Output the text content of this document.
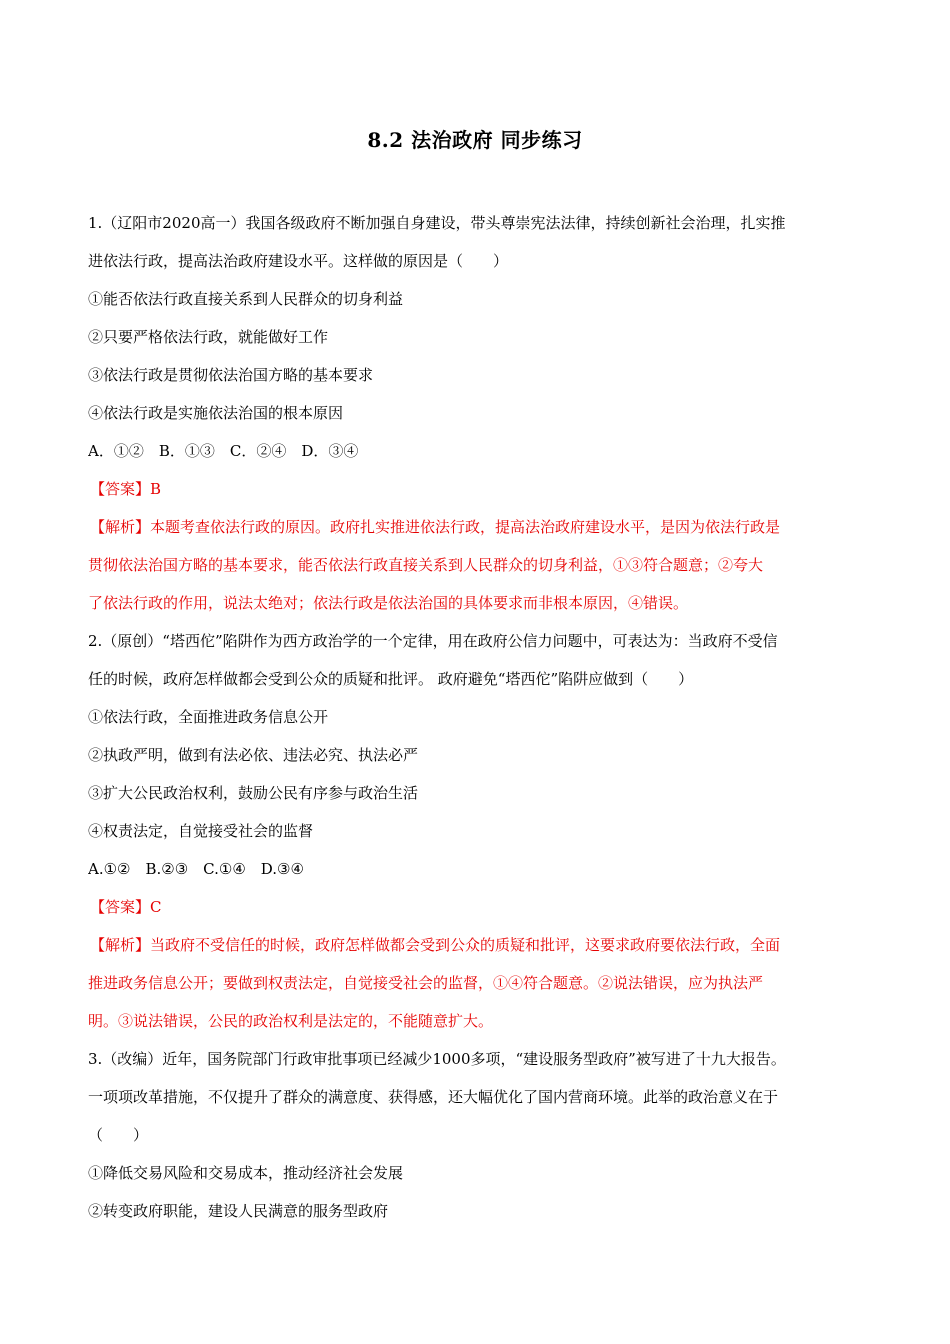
8.2 法治政府 同步练习
1.（辽阳市2020高一）我国各级政府不断加强自身建设，带头尊崇宪法法律，持续创新社会治理，扎实推
进依法行政，提高法治政府建设水平。这样做的原因是（　　）
①能否依法行政直接关系到人民群众的切身利益
②只要严格依法行政，就能做好工作
③依法行政是贯彻依法治国方略的基本要求
④依法行政是实施依法治国的根本原因
A．①②　B．①③　C．②④　D．③④
【答案】B
【解析】本题考查依法行政的原因。政府扎实推进依法行政，提高法治政府建设水平，是因为依法行政是
贯彻依法治国方略的基本要求，能否依法行政直接关系到人民群众的切身利益，①③符合题意；②夸大
了依法行政的作用，说法太绝对；依法行政是依法治国的具体要求而非根本原因，④错误。
2.（原创）“塔西佗”陷阱作为西方政治学的一个定律，用在政府公信力问题中，可表达为：当政府不受信
任的时候，政府怎样做都会受到公众的质疑和批评。 政府避免“塔西佗”陷阱应做到（　　）
①依法行政，全面推进政务信息公开
②执政严明，做到有法必依、违法必究、执法必严
③扩大公民政治权利，鼓励公民有序参与政治生活
④权责法定，自觉接受社会的监督
A.①②　B.②③　C.①④　D.③④
【答案】C
【解析】当政府不受信任的时候，政府怎样做都会受到公众的质疑和批评，这要求政府要依法行政，全面
推进政务信息公开；要做到权责法定，自觉接受社会的监督，①④符合题意。②说法错误，应为执法严
明。③说法错误，公民的政治权利是法定的，不能随意扩大。
3.（改编）近年，国务院部门行政审批事项已经减少1000多项，“建设服务型政府”被写进了十九大报告。
一项项改革措施，不仅提升了群众的满意度、获得感，还大幅优化了国内营商环境。此举的政治意义在于
（　　）
①降低交易风险和交易成本，推动经济社会发展
②转变政府职能，建设人民满意的服务型政府
